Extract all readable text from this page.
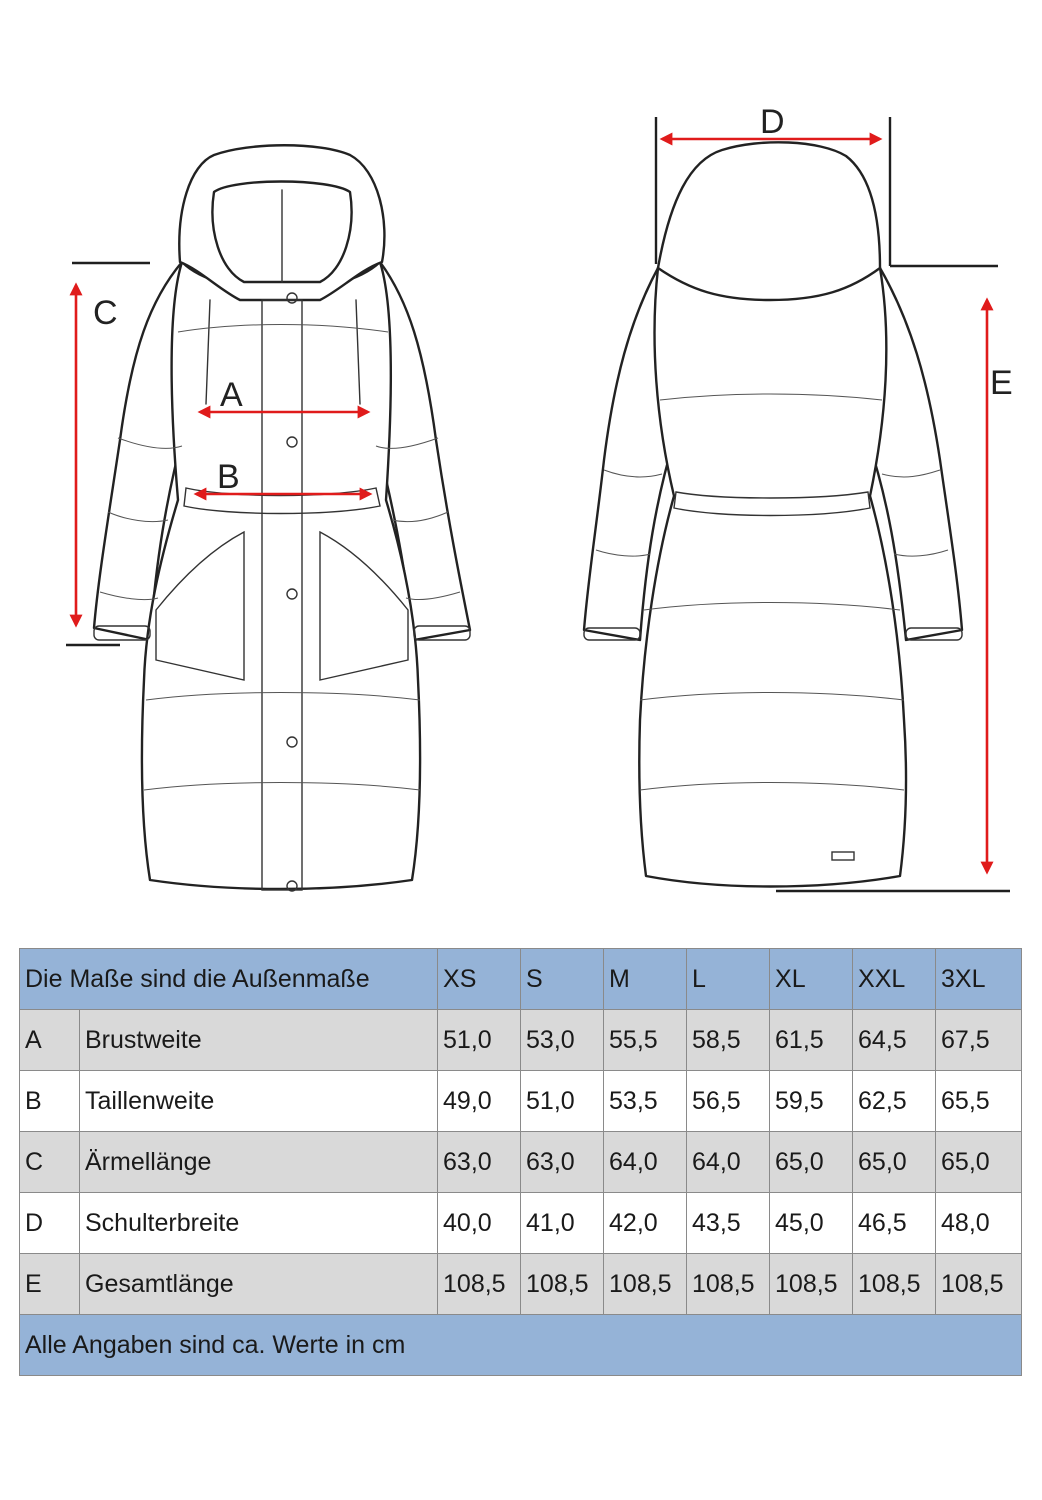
C
A
B
D
E
Die Maße sind die Außenmaße		XS	S	M	L	XL	XXL	3XL
A	Brustweite	51,0	53,0	55,5	58,5	61,5	64,5	67,5
B	Taillenweite	49,0	51,0	53,5	56,5	59,5	62,5	65,5
C	Ärmellänge	63,0	63,0	64,0	64,0	65,0	65,0	65,0
D	Schulterbreite	40,0	41,0	42,0	43,5	45,0	46,5	48,0
E	Gesamtlänge	108,5	108,5	108,5	108,5	108,5	108,5	108,5
Alle Angaben sind ca. Werte in cm								
